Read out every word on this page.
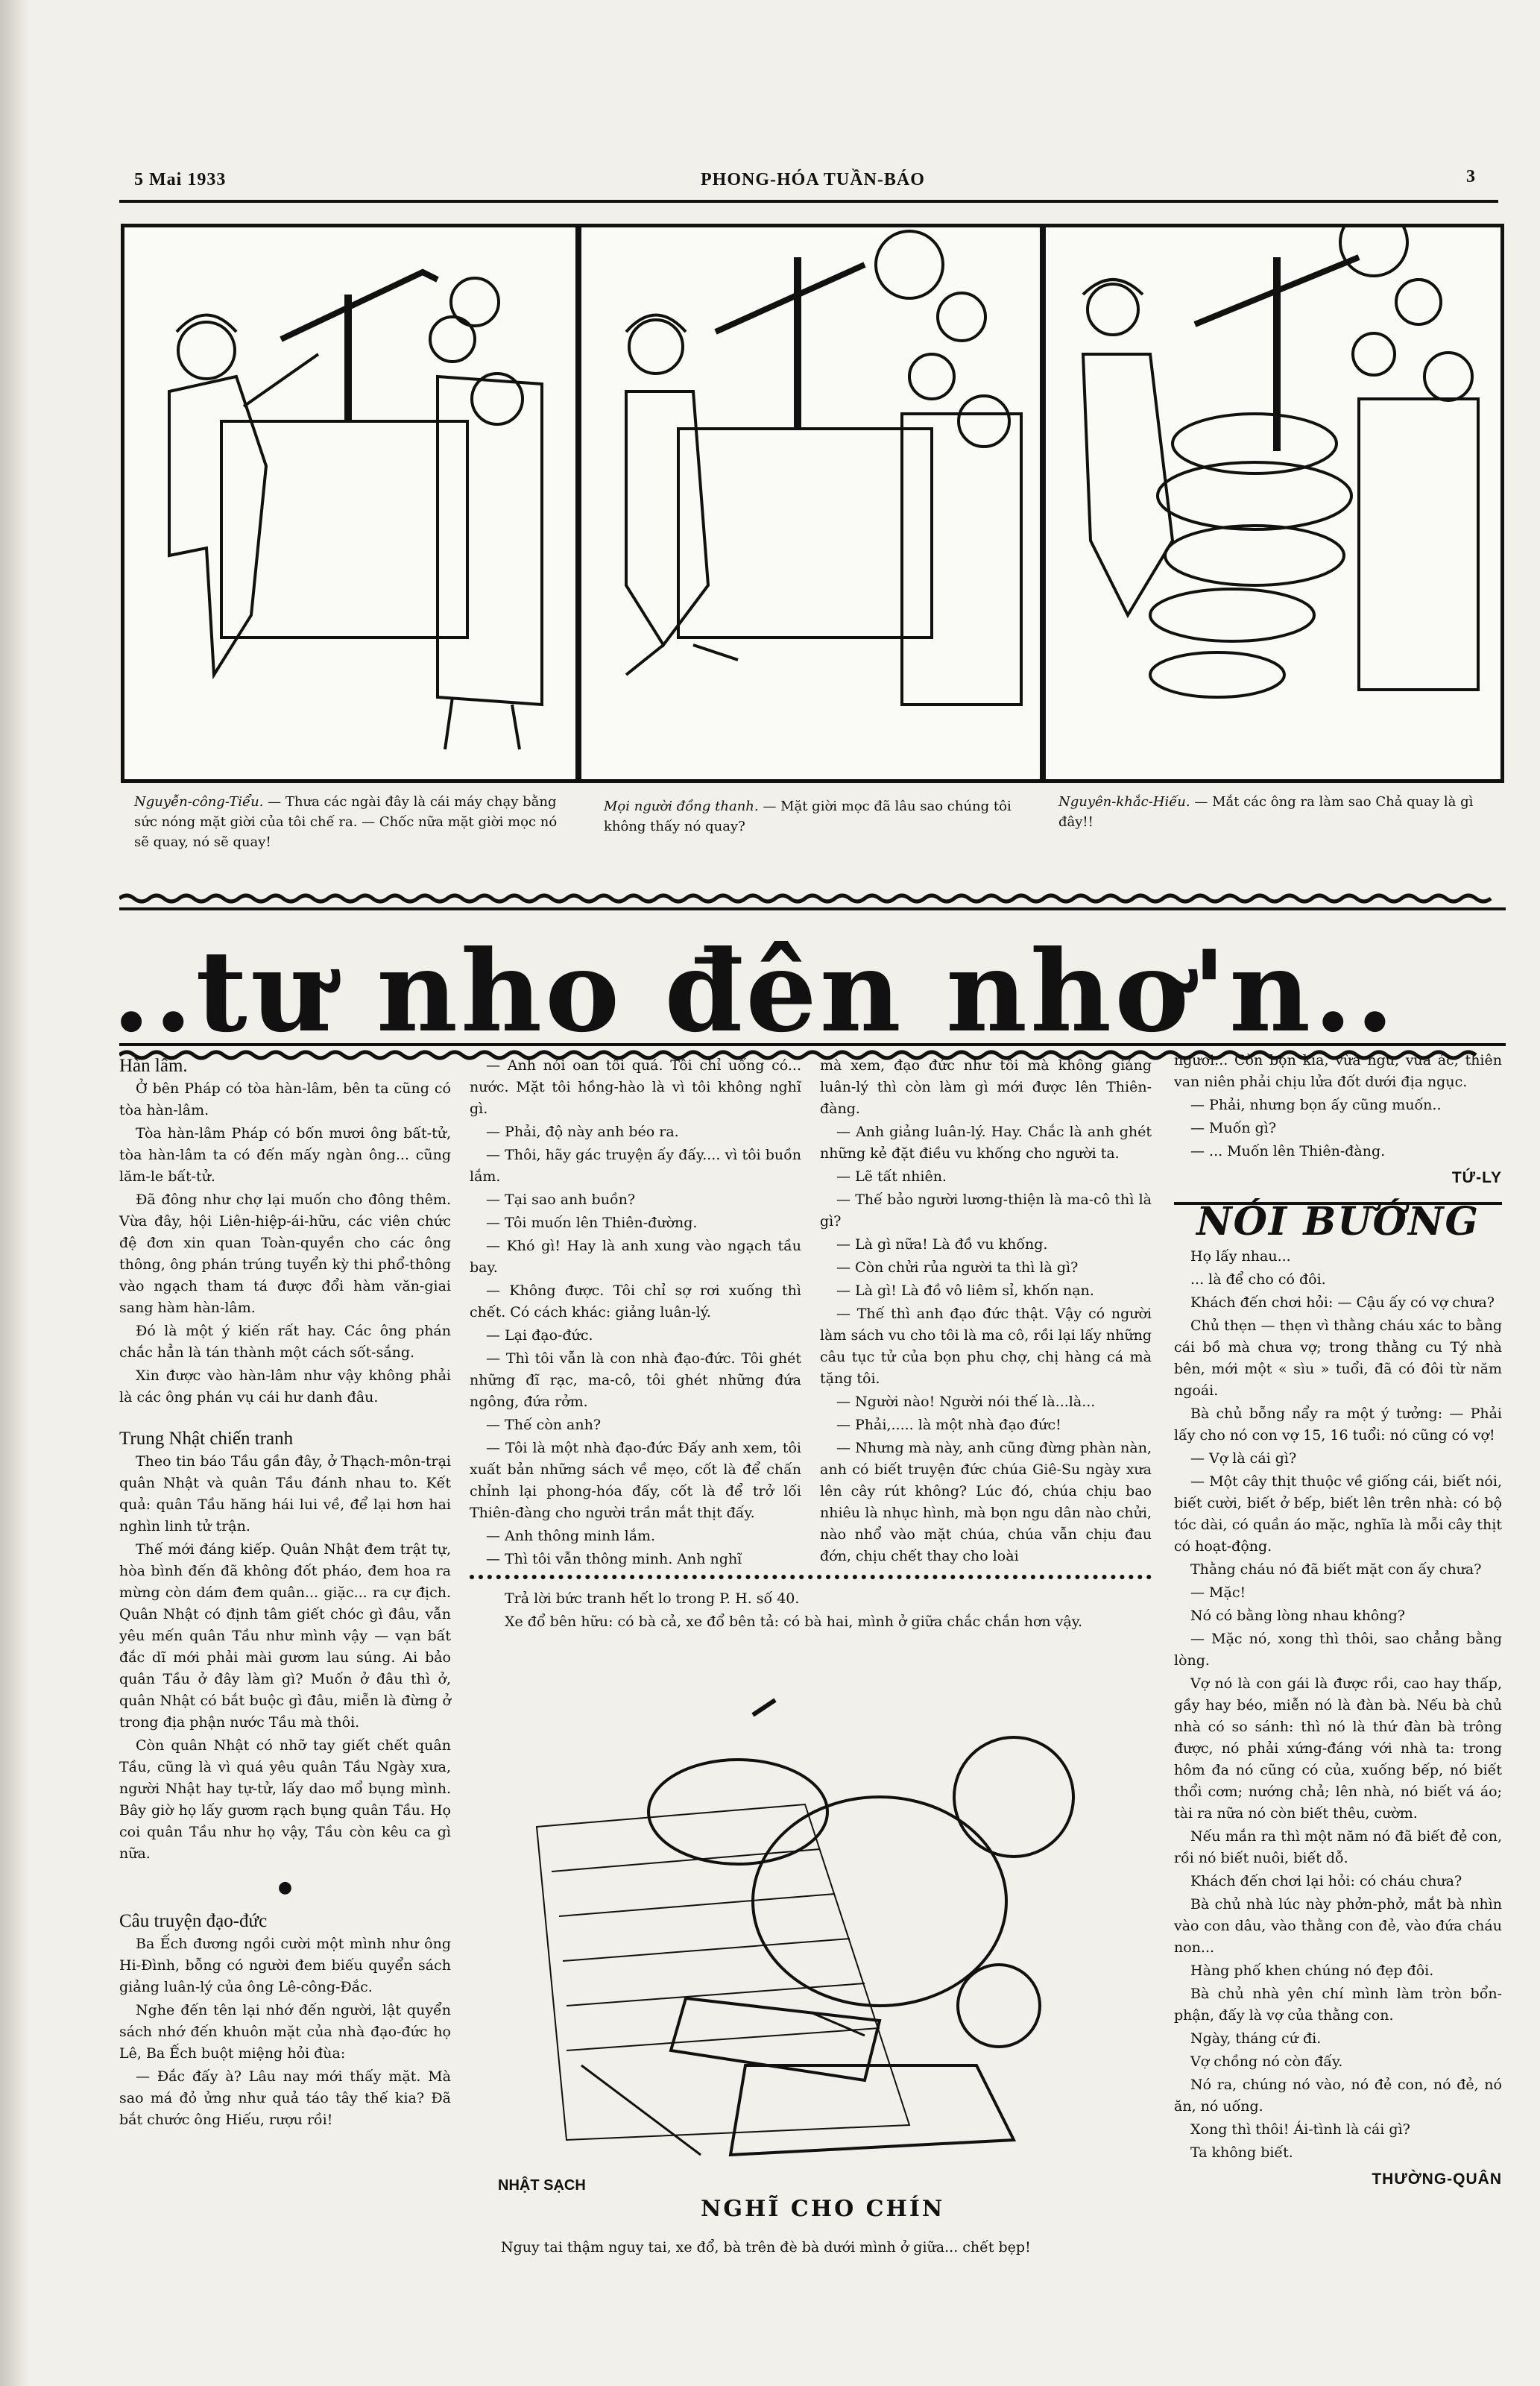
5 Mai 1933	PHONG-HÓA TUẦN-BÁO	3
Nguyễn-công-Tiểu. — Thưa các ngài đây là cái máy chạy bằng sức nóng mặt giời của tôi chế ra. — Chốc nữa mặt giời mọc nó sẽ quay, nó sẽ quay!
Mọi người đồng thanh. — Mặt giời mọc đã lâu sao chúng tôi không thấy nó quay?
Nguyên-khắc-Hiếu. — Mắt các ông ra làm sao Chả quay là gì đây!!
..tư nho đên nhơ'n..

Hàn lâm.

Ở bên Pháp có tòa hàn-lâm, bên ta cũng có tòa hàn-lâm.

Tòa hàn-lâm Pháp có bốn mươi ông bất-tử, tòa hàn-lâm ta có đến mấy ngàn ông... cũng lăm-le bất-tử.

Đã đông như chợ lại muốn cho đông thêm. Vừa đây, hội Liên-hiệp-ái-hữu, các viên chức đệ đơn xin quan Toàn-quyền cho các ông thông, ông phán trúng tuyển kỳ thi phổ-thông vào ngạch tham tá được đổi hàm văn-giai sang hàm hàn-lâm.

Đó là một ý kiến rất hay. Các ông phán chắc hẳn là tán thành một cách sốt-sắng.

Xin được vào hàn-lâm như vậy không phải là các ông phán vụ cái hư danh đâu.

Trung Nhật chiến tranh

Theo tin báo Tầu gần đây, ở Thạch-môn-trại quân Nhật và quân Tầu đánh nhau to. Kết quả: quân Tầu hăng hái lui về, để lại hơn hai nghìn linh tử trận.

Thế mới đáng kiếp. Quân Nhật đem trật tự, hòa bình đến đã không đốt pháo, đem hoa ra mừng còn dám đem quân... giặc... ra cự địch. Quân Nhật có định tâm giết chóc gì đâu, vẫn yêu mến quân Tầu như mình vậy — vạn bất đắc dĩ mới phải mài gươm lau súng. Ai bảo quân Tầu ở đây làm gì? Muốn ở đâu thì ở, quân Nhật có bắt buộc gì đâu, miễn là đừng ở trong địa phận nước Tầu mà thôi.

Còn quân Nhật có nhỡ tay giết chết quân Tầu, cũng là vì quá yêu quân Tầu Ngày xưa, người Nhật hay tự-tử, lấy dao mổ bụng mình. Bây giờ họ lấy gươm rạch bụng quân Tầu. Họ coi quân Tầu như họ vậy, Tầu còn kêu ca gì nữa.

●

Câu truyện đạo-đức

Ba Ếch đương ngồi cười một mình như ông Hi-Đình, bỗng có người đem biếu quyển sách giảng luân-lý của ông Lê-công-Đắc.

Nghe đến tên lại nhớ đến người, lật quyển sách nhớ đến khuôn mặt của nhà đạo-đức họ Lê, Ba Ếch buột miệng hỏi đùa:

— Đắc đấy à? Lâu nay mới thấy mặt. Mà sao má đỏ ửng như quả táo tây thế kia? Đã bắt chước ông Hiếu, rượu rồi!

— Anh nói oan tôi quá. Tôi chỉ uống có... nước. Mặt tôi hồng-hào là vì tôi không nghĩ gì.

— Phải, độ này anh béo ra.

— Thôi, hãy gác truyện ấy đấy.... vì tôi buồn lắm.

— Tại sao anh buồn?

— Tôi muốn lên Thiên-đường.

— Khó gì! Hay là anh xung vào ngạch tầu bay.

— Không được. Tôi chỉ sợ rơi xuống thì chết. Có cách khác: giảng luân-lý.

— Lại đạo-đức.

— Thì tôi vẫn là con nhà đạo-đức. Tôi ghét những đĩ rạc, ma-cô, tôi ghét những đứa ngông, đứa rởm.

— Thế còn anh?

— Tôi là một nhà đạo-đức Đấy anh xem, tôi xuất bản những sách về mẹo, cốt là để chấn chỉnh lại phong-hóa đấy, cốt là để trở lối Thiên-đàng cho người trần mắt thịt đấy.

— Anh thông minh lắm.

— Thì tôi vẫn thông minh. Anh nghĩ

mà xem, đạo đức như tôi mà không giảng luân-lý thì còn làm gì mới được lên Thiên-đàng.

— Anh giảng luân-lý. Hay. Chắc là anh ghét những kẻ đặt điều vu khống cho người ta.

— Lẽ tất nhiên.

— Thế bảo người lương-thiện là ma-cô thì là gì?

— Là gì nữa! Là đồ vu khống.

— Còn chửi rủa người ta thì là gì?

— Là gì! Là đồ vô liêm sỉ, khốn nạn.

— Thế thì anh đạo đức thật. Vậy có người làm sách vu cho tôi là ma cô, rồi lại lấy những câu tục tử của bọn phu chợ, chị hàng cá mà tặng tôi.

— Người nào! Người nói thế là...là...

— Phải,..... là một nhà đạo đức!

— Nhưng mà này, anh cũng đừng phàn nàn, anh có biết truyện đức chúa Giê-Su ngày xưa lên cây rút không? Lúc đó, chúa chịu bao nhiêu là nhục hình, mà bọn ngu dân nào chửi, nào nhổ vào mặt chúa, chúa vẫn chịu đau đớn, chịu chết thay cho loài

Trả lời bức tranh hết lo trong P. H. số 40.

Xe đổ bên hữu: có bà cả, xe đổ bên tả: có bà hai, mình ở giữa chắc chắn hơn vậy.

NHẬT SẠCH
NGHĨ CHO CHÍN

Nguy tai thậm nguy tai, xe đổ, bà trên đè bà dưới mình ở giữa... chết bẹp!

người... Còn bọn kia, vừa ngu, vừa ác, thiên van niên phải chịu lửa đốt dưới địa ngục.

— Phải, nhưng bọn ấy cũng muốn..

— Muốn gì?

— ... Muốn lên Thiên-đàng.

TỨ-LY
NÓI BƯỚNG

Họ lấy nhau...

... là để cho có đôi.

Khách đến chơi hỏi: — Cậu ấy có vợ chưa?

Chủ thẹn — thẹn vì thằng cháu xác to bằng cái bồ mà chưa vợ; trong thằng cu Tý nhà bên, mới một « sìu » tuổi, đã có đôi từ năm ngoái.

Bà chủ bỗng nẩy ra một ý tưởng: — Phải lấy cho nó con vợ 15, 16 tuổi: nó cũng có vợ!

— Vợ là cái gì?

— Một cây thịt thuộc về giống cái, biết nói, biết cười, biết ở bếp, biết lên trên nhà: có bộ tóc dài, có quần áo mặc, nghĩa là mỗi cây thịt có hoạt-động.

Thằng cháu nó đã biết mặt con ấy chưa?

— Mặc!

Nó có bằng lòng nhau không?

— Mặc nó, xong thì thôi, sao chẳng bằng lòng.

Vợ nó là con gái là được rồi, cao hay thấp, gầy hay béo, miễn nó là đàn bà. Nếu bà chủ nhà có so sánh: thì nó là thứ đàn bà trông được, nó phải xứng-đáng với nhà ta: trong hôm đa nó cũng có của, xuống bếp, nó biết thổi cơm; nướng chả; lên nhà, nó biết vá áo; tài ra nữa nó còn biết thêu, cườm.

Nếu mắn ra thì một năm nó đã biết đẻ con, rồi nó biết nuôi, biết dỗ.

Khách đến chơi lại hỏi: có cháu chưa?

Bà chủ nhà lúc này phởn-phở, mắt bà nhìn vào con dâu, vào thằng con đẻ, vào đứa cháu non...

Hàng phố khen chúng nó đẹp đôi.

Bà chủ nhà yên chí mình làm tròn bổn-phận, đấy là vợ của thằng con.

Ngày, tháng cứ đi.

Vợ chồng nó còn đấy.

Nó ra, chúng nó vào, nó đẻ con, nó đẻ, nó ăn, nó uống.

Xong thì thôi! Ái-tình là cái gì?

Ta không biết.

THƯỜNG-QUÂN
